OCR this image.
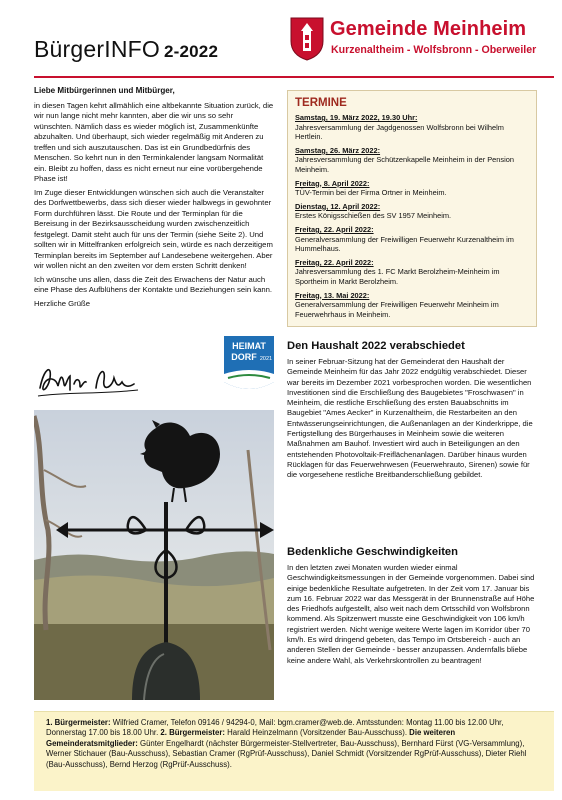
BürgerINFO 2-2022
Gemeinde Meinheim
Kurzenaltheim - Wolfsbronn - Oberweiler
Liebe Mitbürgerinnen und Mitbürger,

in diesen Tagen kehrt allmählich eine altbekannte Situation zurück, die wir nun lange nicht mehr kannten, aber die wir uns so sehr wünschten. Nämlich dass es wieder möglich ist, Zusammenkünfte abzuhalten. Und überhaupt, sich wieder regelmäßig mit Anderen zu treffen und sich auszutauschen. Das ist ein Grundbedürfnis des Menschen. So kehrt nun in den Terminkalender langsam Normalität ein. Bleibt zu hoffen, dass es nicht erneut nur eine vorübergehende Phase ist!

Im Zuge dieser Entwicklungen wünschen sich auch die Veranstalter des Dorfwettbewerbs, dass sich dieser wieder halbwegs in gewohnter Form durchführen lässt. Die Route und der Terminplan für die Bereisung in der Bezirksausscheidung wurden zwischenzeitlich festgelegt. Damit steht auch für uns der Termin (siehe Seite 2). Und sollten wir in Mittelfranken erfolgreich sein, würde es nach derzeitigem Terminplan bereits im September auf Landesebene weitergehen. Aber wir wollen nicht an den zweiten vor dem ersten Schritt denken!

Ich wünsche uns allen, dass die Zeit des Erwachens der Natur auch eine Phase des Aufblühens der Kontakte und Beziehungen sein kann.

Herzliche Grüße

HEIMAT
DORF 2021
TERMINE
Samstag, 19. März 2022, 19.30 Uhr:
Jahresversammlung der Jagdgenossen Wolfsbronn bei Wilhelm Hertlein.
Samstag, 26. März 2022:
Jahresversammlung der Schützenkapelle Meinheim in der Pension Meinheim.
Freitag, 8. April 2022:
TÜV-Termin bei der Firma Ortner in Meinheim.
Dienstag, 12. April 2022:
Erstes Königsschießen des SV 1957 Meinheim.
Freitag, 22. April 2022:
Generalversammlung der Freiwilligen Feuerwehr Kurzenaltheim im Hummelhaus.
Freitag, 22. April 2022:
Jahresversammlung des 1. FC Markt Berolzheim-Meinheim im Sportheim in Markt Berolzheim.
Freitag, 13. Mai 2022:
Generalversammlung der Freiwilligen Feuerwehr Meinheim im Feuerwehrhaus in Meinheim.
Den Haushalt 2022 verabschiedet

In seiner Februar-Sitzung hat der Gemeinderat den Haushalt der Gemeinde Meinheim für das Jahr 2022 endgültig verabschiedet. Dieser war bereits im Dezember 2021 vorbesprochen worden. Die wesentlichen Investitionen sind die Erschließung des Baugebietes "Froschwasen" in Meinheim, die restliche Erschließung des ersten Bauabschnitts im Baugebiet "Ames Aecker" in Kurzenaltheim, die Restarbeiten an den Entwässerungseinrichtungen, die Außenanlagen an der Kinderkrippe, die Fertigstellung des Bürgerhauses in Meinheim sowie die weiteren Maßnahmen am Bauhof. Investiert wird auch in Beteiligungen an den entstehenden Photovoltaik-Freiflächenanlagen. Darüber hinaus wurden Rücklagen für das Feuerwehrwesen (Feuerwehrauto, Sirenen) sowie für die vorgesehene restliche Breitbanderschließung gebildet.

Bedenkliche Geschwindigkeiten

In den letzten zwei Monaten wurden wieder einmal Geschwindigkeitsmessungen in der Gemeinde vorgenommen. Dabei sind einige bedenkliche Resultate aufgetreten. In der Zeit vom 17. Januar bis zum 16. Februar 2022 war das Messgerät in der Brunnenstraße auf Höhe des Friedhofs aufgestellt, also weit nach dem Ortsschild von Wolfsbronn kommend. Als Spitzenwert musste eine Geschwindigkeit von 106 km/h registriert werden. Nicht wenige weitere Werte lagen im Korridor über 70 km/h. Es wird dringend gebeten, das Tempo im Ortsbereich - auch an anderen Stellen der Gemeinde - besser anzupassen. Andernfalls bliebe keine andere Wahl, als Verkehrskontrollen zu beantragen!

1. Bürgermeister: Wilfried Cramer, Telefon 09146 / 94294-0, Mail: bgm.cramer@web.de. Amtsstunden: Montag 11.00 bis 12.00 Uhr, Donnerstag 17.00 bis 18.00 Uhr. 2. Bürgermeister: Harald Heinzelmann (Vorsitzender Bau-Ausschuss). Die weiteren Gemeinderatsmitglieder: Günter Engelhardt (nächster Bürgermeister-Stellvertreter, Bau-Ausschuss), Bernhard Fürst (VG-Versammlung), Werner Stichauer (Bau-Ausschuss), Sebastian Cramer (RgPrüf-Ausschuss), Daniel Schmidt (Vorsitzender RgPrüf-Ausschuss), Dieter Riehl (Bau-Ausschuss), Bernd Herzog (RgPrüf-Ausschuss).
